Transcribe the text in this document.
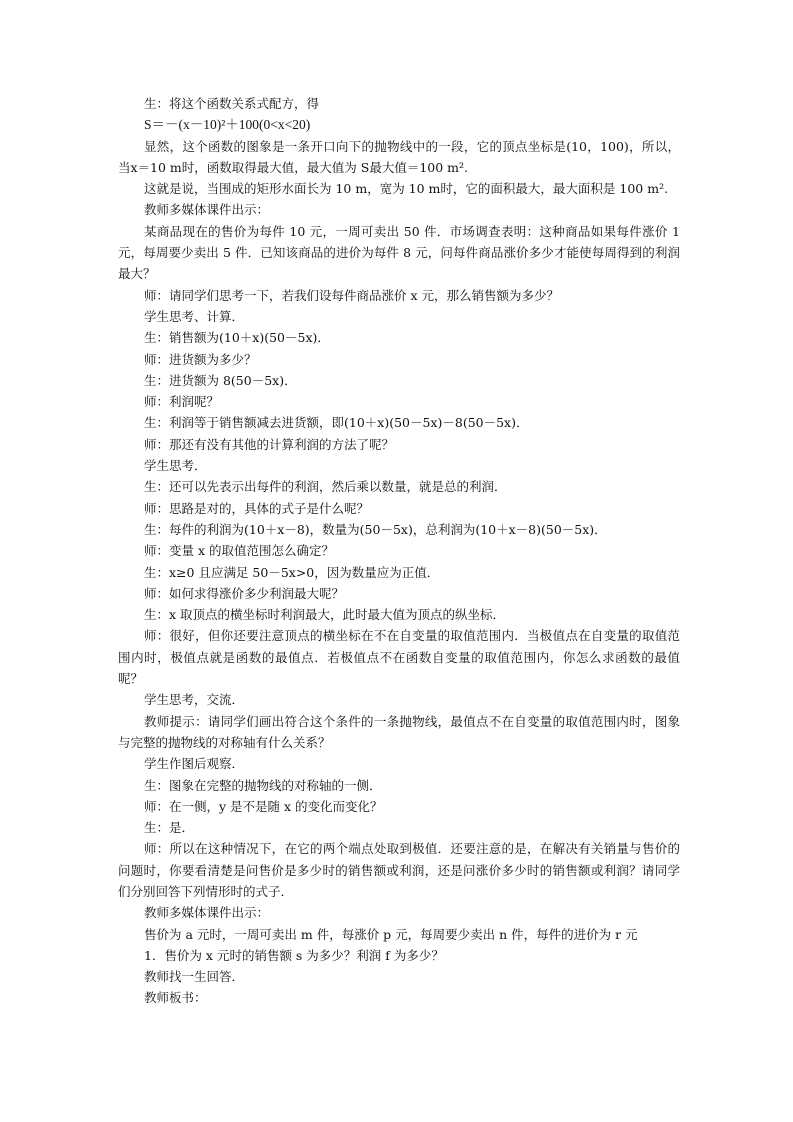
生：将这个函数关系式配方，得

S＝－(x－10)²＋100(0<x<20)

显然，这个函数的图象是一条开口向下的抛物线中的一段，它的顶点坐标是(10，100)，所以，当x＝10 m时，函数取得最大值，最大值为 S最大值＝100 m².

这就是说，当围成的矩形水面长为 10 m，宽为 10 m时，它的面积最大，最大面积是 100 m².

教师多媒体课件出示：

某商品现在的售价为每件 10 元，一周可卖出 50 件．市场调查表明：这种商品如果每件涨价 1 元，每周要少卖出 5 件．已知该商品的进价为每件 8 元，问每件商品涨价多少才能使每周得到的利润最大？

师：请同学们思考一下，若我们设每件商品涨价 x 元，那么销售额为多少？

学生思考、计算．

生：销售额为(10＋x)(50－5x)．

师：进货额为多少？

生：进货额为 8(50－5x)．

师：利润呢？

生：利润等于销售额减去进货额，即(10＋x)(50－5x)－8(50－5x)．

师：那还有没有其他的计算利润的方法了呢？

学生思考．

生：还可以先表示出每件的利润，然后乘以数量，就是总的利润．

师：思路是对的，具体的式子是什么呢？

生：每件的利润为(10＋x－8)，数量为(50－5x)，总利润为(10＋x－8)(50－5x)．

师：变量 x 的取值范围怎么确定？

生：x≥0 且应满足 50－5x>0，因为数量应为正值．

师：如何求得涨价多少利润最大呢？

生：x 取顶点的横坐标时利润最大，此时最大值为顶点的纵坐标．

师：很好，但你还要注意顶点的横坐标在不在自变量的取值范围内．当极值点在自变量的取值范围内时，极值点就是函数的最值点．若极值点不在函数自变量的取值范围内，你怎么求函数的最值呢？

学生思考，交流．

教师提示：请同学们画出符合这个条件的一条抛物线，最值点不在自变量的取值范围内时，图象与完整的抛物线的对称轴有什么关系？

学生作图后观察．

生：图象在完整的抛物线的对称轴的一侧．

师：在一侧，y 是不是随 x 的变化而变化？

生：是．

师：所以在这种情况下，在它的两个端点处取到极值．还要注意的是，在解决有关销量与售价的问题时，你要看清楚是问售价是多少时的销售额或利润，还是问涨价多少时的销售额或利润？请同学们分别回答下列情形时的式子．

教师多媒体课件出示：

售价为 a 元时，一周可卖出 m 件，每涨价 p 元，每周要少卖出 n 件，每件的进价为 r 元

1．售价为 x 元时的销售额 s 为多少？利润 f 为多少？

教师找一生回答．

教师板书：
